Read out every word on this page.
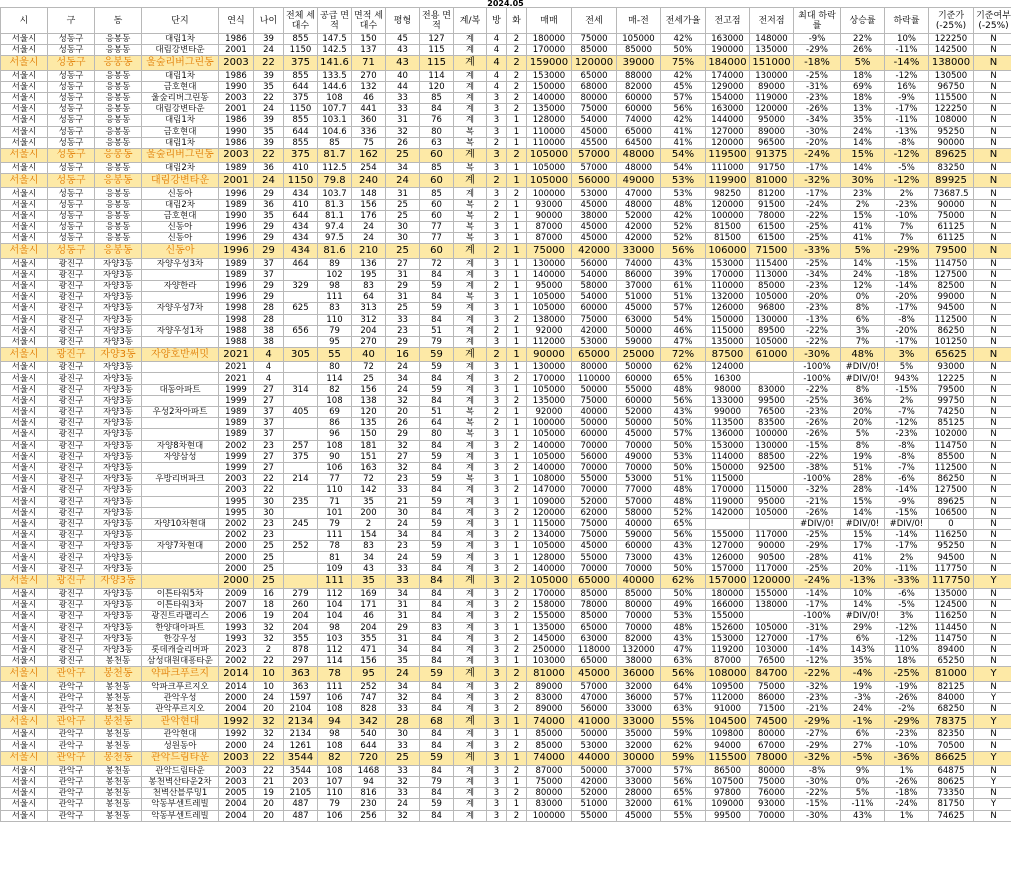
2024.05
시	구	동	단지	연식	나이	전체 세대수	공급 면적	면적 세대수	평형	전용 면적	계/복	방	화	매매	전세	매-전	전세가율	전고점	전저점	최대 하락률	상승률	하락률	기준가 (-25%)	기준여부 (-25%)
서울시	성동구	응봉동	대림1차	1986	39	855	147.5	150	45	127	계	4	2	180000	75000	105000	42%	163000	148000	-9%	22%	10%	122250	N
서울시	성동구	응봉동	대림강변타운	2001	24	1150	142.5	137	43	115	계	4	2	170000	85000	85000	50%	190000	135000	-29%	26%	-11%	142500	N
서울시	성동구	응봉동	울숲리버그린동	2003	22	375	141.6	71	43	115	계	4	2	159000	120000	39000	75%	184000	151000	-18%	5%	-14%	138000	N
서울시	성동구	응봉동	대림1차	1986	39	855	133.5	270	40	114	계	4	2	153000	65000	88000	42%	174000	130000	-25%	18%	-12%	130500	N
서울시	성동구	응봉동	금호현대	1990	35	644	144.6	132	44	120	계	4	2	150000	68000	82000	45%	129000	89000	-31%	69%	16%	96750	N
서울시	성동구	응봉동	울숲리버그린동	2003	22	375	108	46	33	85	계	3	2	140000	80000	60000	57%	154000	119000	-23%	18%	-9%	115500	N
서울시	성동구	응봉동	대림강변타운	2001	24	1150	107.7	441	33	84	계	3	2	135000	75000	60000	56%	163000	120000	-26%	13%	-17%	122250	N
서울시	성동구	응봉동	대림1차	1986	39	855	103.1	360	31	76	계	3	1	128000	54000	74000	42%	144000	95000	-34%	35%	-11%	108000	N
서울시	성동구	응봉동	금호현대	1990	35	644	104.6	336	32	80	복	3	1	110000	45000	65000	41%	127000	89000	-30%	24%	-13%	95250	N
서울시	성동구	응봉동	대림1차	1986	39	855	85	75	26	63	복	2	1	110000	45500	64500	41%	120000	96500	-20%	14%	-8%	90000	N
서울시	성동구	응봉동	울숲리버그린동	2003	22	375	81.7	162	25	60	계	3	2	105000	57000	48000	54%	119500	91375	-24%	15%	-12%	89625	N
서울시	성동구	응봉동	대림2차	1989	36	410	112.5	254	34	85	복	3	1	105000	57000	48000	54%	111000	91750	-17%	14%	-5%	83250	N
서울시	성동구	응봉동	대림강변타운	2001	24	1150	79.8	240	24	60	계	2	1	105000	56000	49000	53%	119900	81000	-32%	30%	-12%	89925	N
서울시	성동구	응봉동	신동아	1996	29	434	103.7	148	31	85	계	3	2	100000	53000	47000	53%	98250	81200	-17%	23%	2%	73687.5	N
서울시	성동구	응봉동	대림2차	1989	36	410	81.3	156	25	60	복	2	1	93000	45000	48000	48%	120000	91500	-24%	2%	-23%	90000	N
서울시	성동구	응봉동	금호현대	1990	35	644	81.1	176	25	60	복	2	1	90000	38000	52000	42%	100000	78000	-22%	15%	-10%	75000	N
서울시	성동구	응봉동	신동아	1996	29	434	97.4	24	30	77	복	3	1	87000	45000	42000	52%	81500	61500	-25%	41%	7%	61125	N
서울시	성동구	응봉동	신동아	1996	29	434	97.5	24	30	77	복	3	1	87000	45000	42000	52%	81500	61500	-25%	41%	7%	61125	N
서울시	성동구	응봉동	신동아	1996	29	434	81.6	210	25	60	계	2	1	75000	42000	33000	56%	106000	71500	-33%	5%	-29%	79500	N
서울시	광진구	자양3동	자양우성3차	1989	37	464	89	136	27	72	계	3	1	130000	56000	74000	43%	153000	115400	-25%	14%	-15%	114750	N
서울시	광진구	자양3동		1989	37		102	195	31	84	계	3	1	140000	54000	86000	39%	170000	113000	-34%	24%	-18%	127500	N
서울시	광진구	자양3동	자양한라	1996	29	329	98	83	29	59	계	2	1	95000	58000	37000	61%	110000	85000	-23%	12%	-14%	82500	N
서울시	광진구	자양3동		1996	29		111	64	31	84	복	3	1	105000	54000	51000	51%	132000	105000	-20%	0%	-20%	99000	N
서울시	광진구	자양3동	자양우성7차	1998	28	625	83	313	25	59	계	3	1	105000	60000	45000	57%	126000	96800	-23%	8%	-17%	94500	N
서울시	광진구	자양3동		1998	28		110	312	33	84	계	3	2	138000	75000	63000	54%	150000	130000	-13%	6%	-8%	112500	N
서울시	광진구	자양3동	자양우성1차	1988	38	656	79	204	23	51	계	2	1	92000	42000	50000	46%	115000	89500	-22%	3%	-20%	86250	N
서울시	광진구	자양3동		1988	38		95	270	29	79	계	3	1	112000	53000	59000	47%	135000	105000	-22%	7%	-17%	101250	N
서울시	광진구	자양3동	자양호반써밋	2021	4	305	55	40	16	59	계	2	1	90000	65000	25000	72%	87500	61000	-30%	48%	3%	65625	N
서울시	광진구	자양3동		2021	4		80	72	24	59	계	3	1	130000	80000	50000	62%	124000		-100%	#DIV/0!	5%	93000	N
서울시	광진구	자양3동		2021	4		114	25	34	84	계	3	2	170000	110000	60000	65%	16300		-100%	#DIV/0!	943%	12225	N
서울시	광진구	자양3동	대동아파트	1999	27	314	82	156	24	59	계	3	1	105000	50000	55000	48%	98000	83000	-22%	8%	-15%	79500	N
서울시	광진구	자양3동		1999	27		108	138	32	84	계	3	2	135000	75000	60000	56%	133000	99500	-25%	36%	2%	99750	N
서울시	광진구	자양3동	우성2차아파트	1989	37	405	69	120	20	51	복	2	1	92000	40000	52000	43%	99000	76500	-23%	20%	-7%	74250	N
서울시	광진구	자양3동		1989	37		86	135	26	64	복	2	1	100000	50000	50000	50%	113500	83500	-26%	20%	-12%	85125	N
서울시	광진구	자양3동		1989	37		96	150	29	80	복	3	1	105000	60000	45000	57%	136000	100000	-26%	5%	-23%	102000	N
서울시	광진구	자양3동	자양8차현대	2002	23	257	108	181	32	84	계	3	2	140000	70000	70000	50%	153000	130000	-15%	8%	-8%	114750	N
서울시	광진구	자양3동	자양삼성	1999	27	375	90	151	27	59	계	3	1	105000	56000	49000	53%	114000	88500	-22%	19%	-8%	85500	N
서울시	광진구	자양3동		1999	27		106	163	32	84	계	3	2	140000	70000	70000	50%	150000	92500	-38%	51%	-7%	112500	N
서울시	광진구	자양3동	우방리버파크	2003	22	214	77	72	23	59	복	3	1	108000	55000	53000	51%	115000		-100%	28%	-6%	86250	N
서울시	광진구	자양3동		2003	22		110	142	33	84	계	3	2	147000	70000	77000	48%	170000	115000	-32%	28%	-14%	127500	N
서울시	광진구	자양3동		1995	30	235	71	35	21	59	계	3	1	109000	52000	57000	48%	119000	95000	-21%	15%	-9%	89625	N
서울시	광진구	자양3동		1995	30		101	200	30	84	계	3	2	120000	62000	58000	52%	142000	105000	-26%	14%	-15%	106500	N
서울시	광진구	자양3동	자양10차현대	2002	23	245	79	2	24	59	계	3	1	115000	75000	40000	65%			#DIV/0!	#DIV/0!	#DIV/0!	0	N
서울시	광진구	자양3동		2002	23		111	154	34	84	계	3	2	134000	75000	59000	56%	155000	117000	-25%	15%	-14%	116250	N
서울시	광진구	자양3동	자양7차현대	2000	25	252	78	83	23	59	계	3	1	105000	45000	60000	43%	127000	90000	-29%	17%	-17%	95250	N
서울시	광진구	자양3동		2000	25		81	34	24	59	계	3	1	128000	55000	73000	43%	126000	90500	-28%	41%	2%	94500	N
서울시	광진구	자양3동		2000	25		109	43	33	84	계	3	2	140000	70000	70000	50%	157000	117000	-25%	20%	-11%	117750	N
서울시	광진구	자양3동		2000	25		111	35	33	84	계	3	2	105000	65000	40000	62%	157000	120000	-24%	-13%	-33%	117750	Y
서울시	광진구	자양3동	이튼타워5차	2009	16	279	112	169	34	84	계	3	2	170000	85000	85000	50%	180000	155000	-14%	10%	-6%	135000	N
서울시	광진구	자양3동	이튼타워3차	2007	18	260	104	171	31	84	계	3	2	158000	78000	80000	49%	166000	138000	-17%	14%	-5%	124500	N
서울시	광진구	자양3동	광진트라팰리스	2006	19	204	104	46	31	84	계	3	2	155000	85000	70000	53%	155000		-100%	#DIV/0!	3%	116250	N
서울시	광진구	자양3동	한양대아파트	1993	32	204	98	204	29	83	계	3	1	135000	65000	70000	48%	152600	105000	-31%	29%	-12%	114450	N
서울시	광진구	자양3동	한강우성	1993	32	355	103	355	31	84	계	3	2	145000	63000	82000	43%	153000	127000	-17%	6%	-12%	114750	N
서울시	광진구	자양3동	롯데캐슬리버파	2023	2	878	112	471	34	84	계	3	2	250000	118000	132000	47%	119200	103000	-14%	143%	110%	89400	N
서울시	광진구	봉천동	삼성대원대흥타운	2002	22	297	114	156	35	84	계	3	1	103000	65000	38000	63%	87000	76500	-12%	35%	18%	65250	N
서울시	관악구	봉천동	약파크푸르지	2014	10	363	78	95	24	59	계	3	2	81000	45000	36000	56%	108000	84700	-22%	-4%	-25%	81000	Y
서울시	관악구	봉천동	악파크푸르지오	2014	10	363	111	252	34	84	계	3	2	89000	57000	32000	64%	109500	75000	-32%	19%	-19%	82125	N
서울시	관악구	봉천동	관악우성	2000	24	1597	106	747	32	84	계	3	2	83000	47000	36000	57%	112000	86000	-23%	-3%	-26%	84000	Y
서울시	관악구	봉천동	관악푸르지오	2004	20	2104	108	828	33	84	계	3	2	89000	56000	33000	63%	91000	71500	-21%	24%	-2%	68250	N
서울시	관악구	봉천동	관악현대	1992	32	2134	94	342	28	68	계	3	1	74000	41000	33000	55%	104500	74500	-29%	-1%	-29%	78375	Y
서울시	관악구	봉천동	관악현대	1992	32	2134	98	540	30	84	계	3	1	85000	50000	35000	59%	109800	80000	-27%	6%	-23%	82350	N
서울시	관악구	봉천동	성원동아	2000	24	1261	108	644	33	84	계	3	2	85000	53000	32000	62%	94000	67000	-29%	27%	-10%	70500	N
서울시	관악구	봉천동	관악드림타운	2003	22	3544	82	720	25	59	계	3	1	74000	44000	30000	59%	115500	78000	-32%	-5%	-36%	86625	Y
서울시	관악구	봉천동	관악드림타운	2003	22	3544	108	1468	33	84	계	3	2	87000	50000	37000	57%	86500	80000	-8%	9%	1%	64875	N
서울시	관악구	봉천동	봉천벽산타운2차	2003	21	203	107	94	32	79	계	3	1	75000	42000	33000	56%	107500	75000	-30%	0%	-26%	80625	Y
서울시	관악구	봉천동	천벽산블루밍1	2005	19	2105	110	816	33	84	계	3	2	80000	52000	28000	65%	97800	76000	-22%	5%	-18%	73350	N
서울시	관악구	봉천동	악동부센트레빌	2004	20	487	79	230	24	59	계	3	1	83000	51000	32000	61%	109000	93000	-15%	-11%	-24%	81750	Y
서울시	관악구	봉천동	악동부센트레빌	2004	20	487	106	256	32	84	계	3	2	100000	55000	45000	55%	99500	70000	-30%	43%	1%	74625	N
